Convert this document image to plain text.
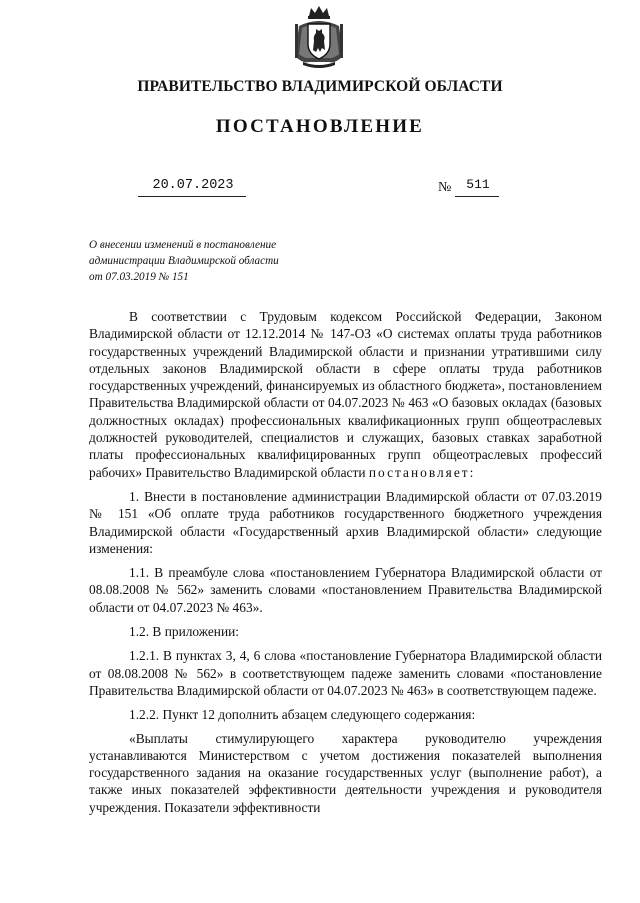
ПРАВИТЕЛЬСТВО ВЛАДИМИРСКОЙ ОБЛАСТИ
ПОСТАНОВЛЕНИЕ
20.07.2023	№	511
О внесении изменений в постановление
администрации Владимирской области
от 07.03.2019 № 151

В соответствии с Трудовым кодексом Российской Федерации, Законом Владимирской области от 12.12.2014 № 147-ОЗ «О системах оплаты труда работников государственных учреждений Владимирской области и признании утратившими силу отдельных законов Владимирской области в сфере оплаты труда работников государственных учреждений, финансируемых из областного бюджета», постановлением Правительства Владимирской области от 04.07.2023 № 463 «О базовых окладах (базовых должностных окладах) профессиональных квалификационных групп общеотраслевых должностей руководителей, специалистов и служащих, базовых ставках заработной платы профессиональных квалифицированных групп общеотраслевых профессий рабочих» Правительство Владимирской области постановляет:

1. Внести в постановление администрации Владимирской области от 07.03.2019 № 151 «Об оплате труда работников государственного бюджетного учреждения Владимирской области «Государственный архив Владимирской области» следующие изменения:

1.1. В преамбуле слова «постановлением Губернатора Владимирской области от 08.08.2008 № 562» заменить словами «постановлением Правительства Владимирской области от 04.07.2023 № 463».

1.2. В приложении:

1.2.1. В пунктах 3, 4, 6 слова «постановление Губернатора Владимирской области от 08.08.2008 № 562» в соответствующем падеже заменить словами «постановление Правительства Владимирской области от 04.07.2023 № 463» в соответствующем падеже.

1.2.2. Пункт 12 дополнить абзацем следующего содержания:

«Выплаты стимулирующего характера руководителю учреждения устанавливаются Министерством с учетом достижения показателей выполнения государственного задания на оказание государственных услуг (выполнение работ), а также иных показателей эффективности деятельности учреждения и руководителя учреждения. Показатели эффективности
